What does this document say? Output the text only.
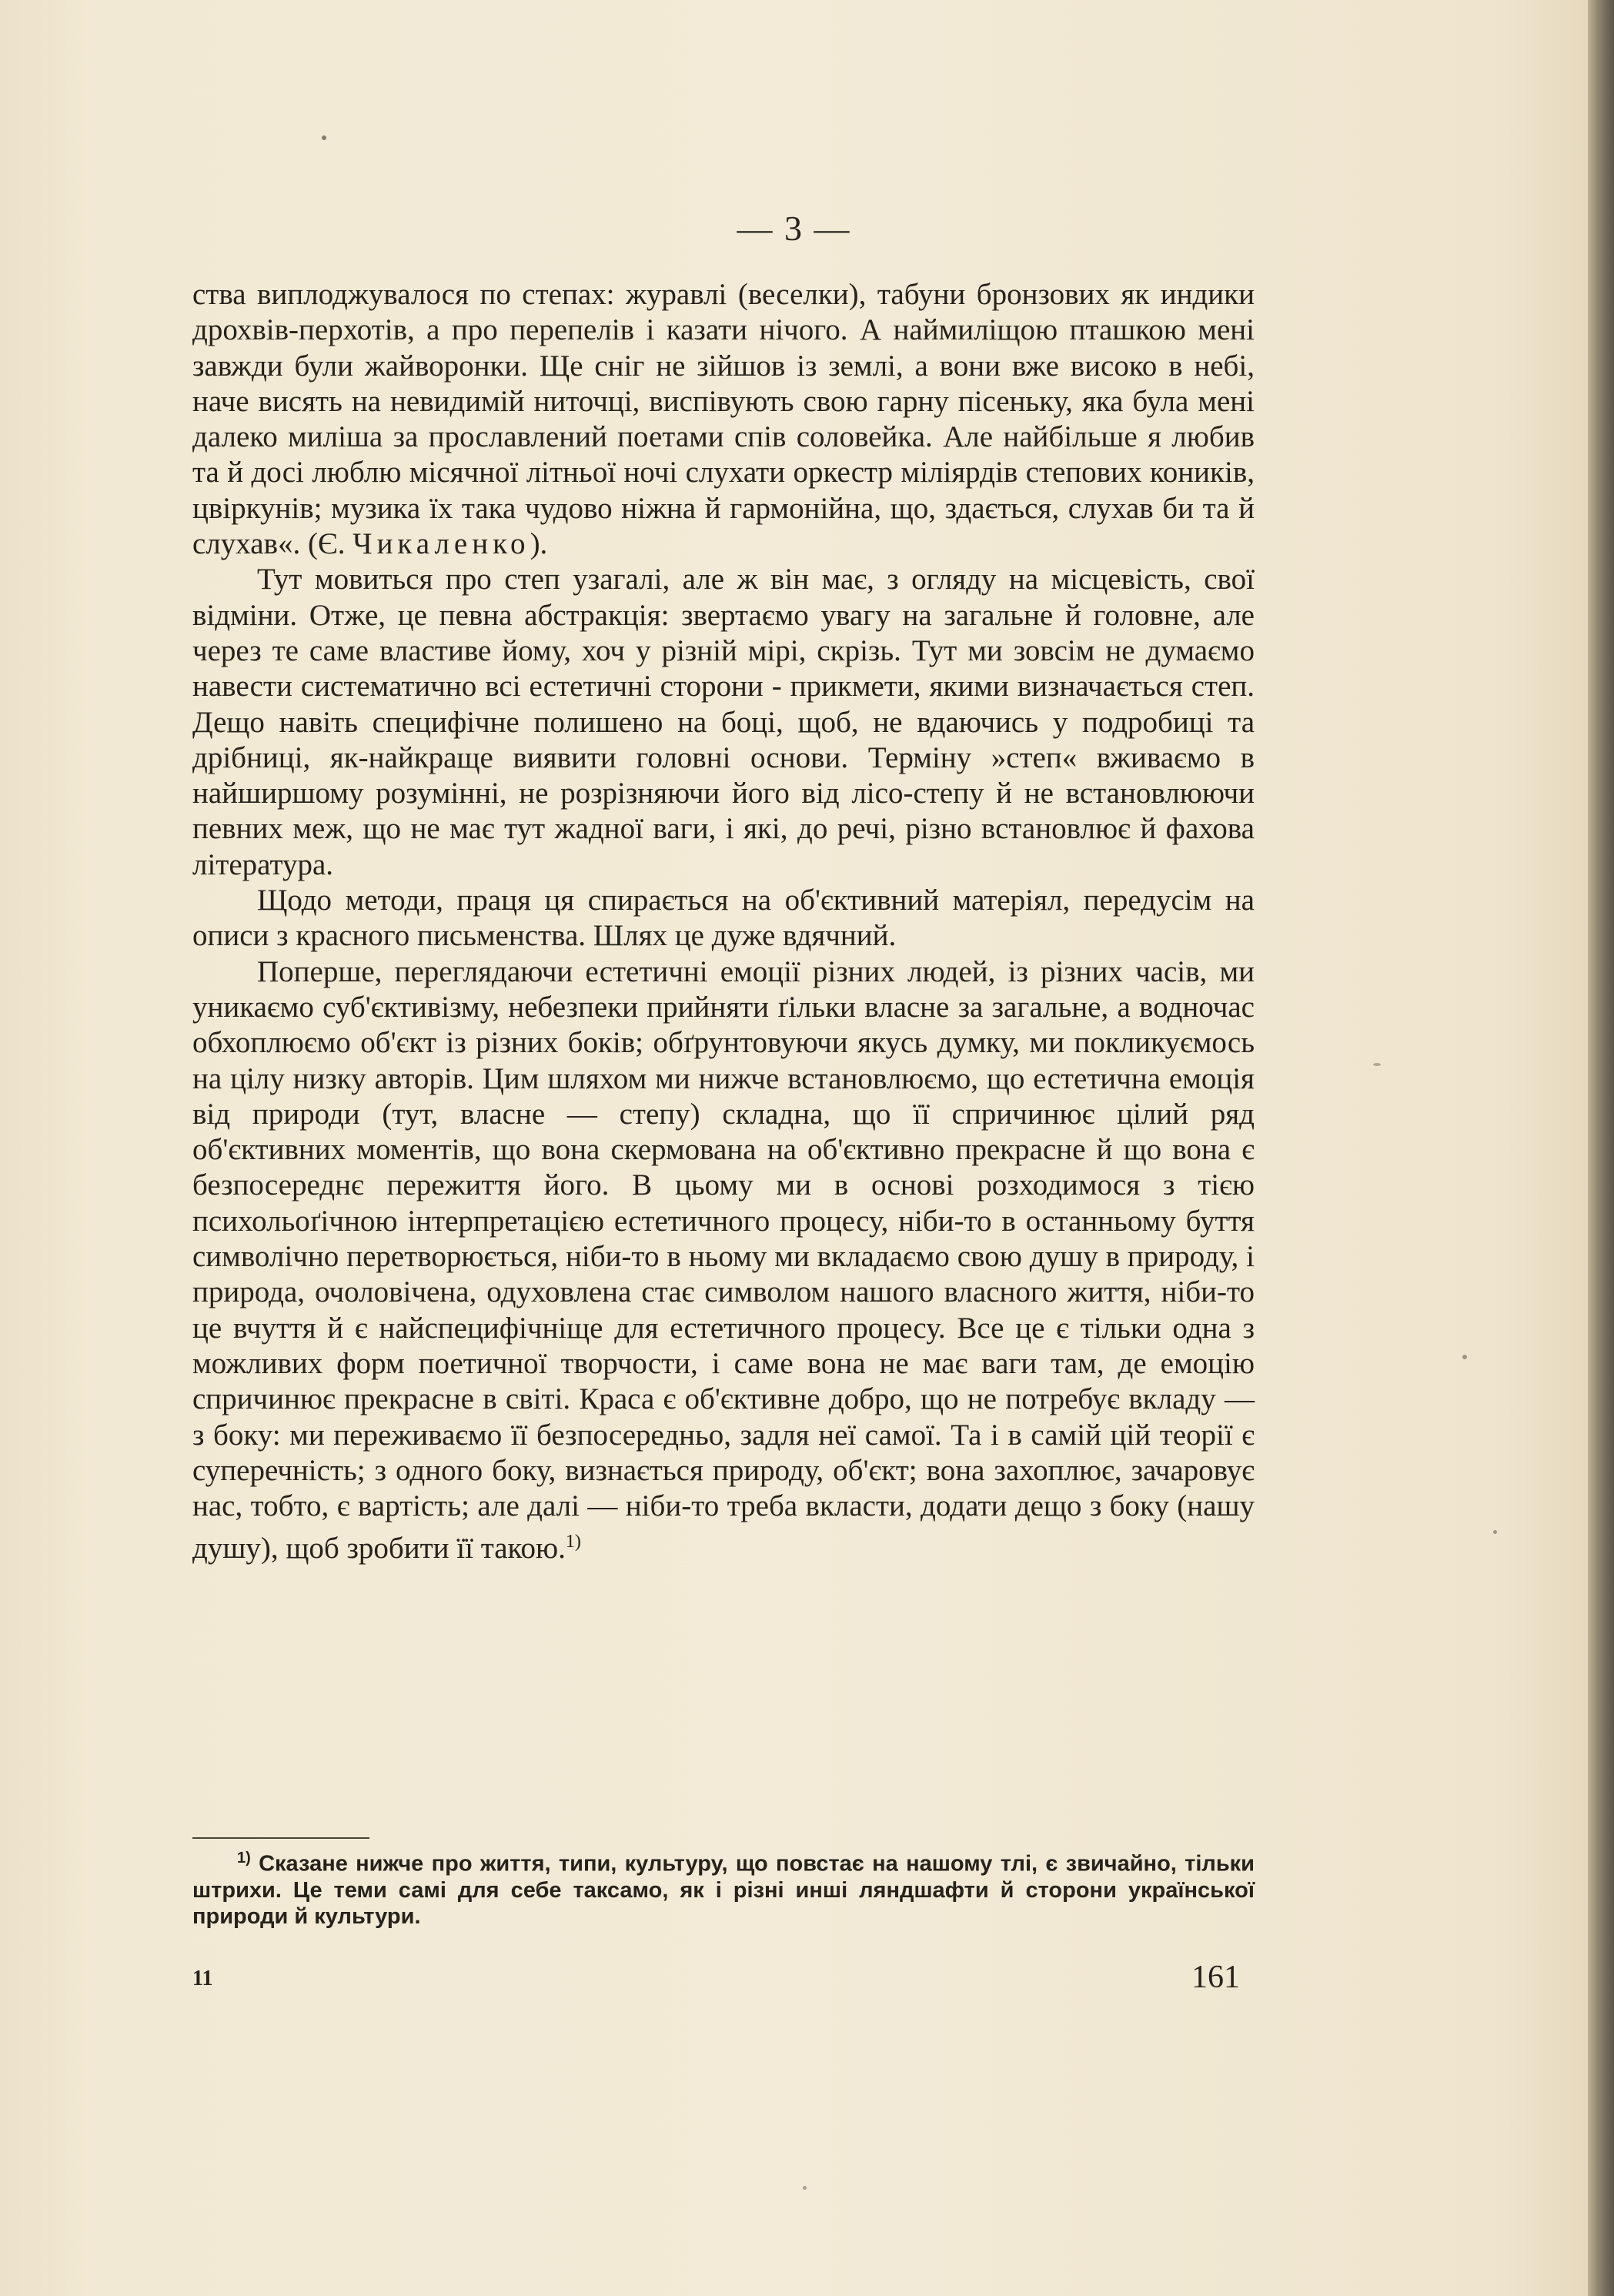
— 3 —

ства виплоджувалося по степах: журавлі (веселки), табуни бронзових як индики дрохвів-перхотів, а про перепелів і казати нічого. А наймиліщою пташкою мені завжди були жайворонки. Ще сніг не зійшов із землі, а вони вже високо в небі, наче висять на невидимій ниточці, виспівують свою гарну пісеньку, яка була мені далеко миліша за прославлений поетами спів соловейка. Але найбільше я любив та й досі люблю місячної літньої ночі слухати оркестр міліярдів степових коників, цвіркунів; музика їх така чудово ніжна й гармонійна, що, здається, слухав би та й слухав«. (Є. Чикаленко).

Тут мовиться про степ узагалі, але ж він має, з огляду на місцевість, свої відміни. Отже, це певна абстракція: звертаємо увагу на загальне й головне, але через те саме властиве йому, хоч у різній мірі, скрізь. Тут ми зовсім не думаємо навести систематично всі естетичні сторони - прикмети, якими визначається степ. Дещо навіть специфічне полишено на боці, щоб, не вдаючись у подробиці та дрібниці, як-найкраще виявити головні основи. Терміну »степ« вживаємо в найширшому розумінні, не розрізняючи його від лісо-степу й не встановлюючи певних меж, що не має тут жадної ваги, і які, до речі, різно встановлює й фахова література.

Щодо методи, праця ця спирається на об'єктивний матеріял, передусім на описи з красного письменства. Шлях це дуже вдячний.

Поперше, переглядаючи естетичні емоції різних людей, із різних часів, ми уникаємо суб'єктивізму, небезпеки прийняти ґільки власне за загальне, а водночас обхоплюємо об'єкт із різних боків; обґрунтовуючи якусь думку, ми покликуємось на цілу низку авторів. Цим шляхом ми нижче встановлюємо, що естетична емоція від природи (тут, власне — степу) складна, що її спричинює цілий ряд об'єктивних моментів, що вона скермована на об'єктивно прекрасне й що вона є безпосереднє пережиття його. В цьому ми в основі розходимося з тією психольоґічною інтерпретацією естетичного процесу, ніби-то в останньому буття символічно перетворюється, ніби-то в ньому ми вкладаємо свою душу в природу, і природа, очоловічена, одуховлена стає символом нашого власного життя, ніби-то це вчуття й є найспецифічніще для естетичного процесу. Все це є тільки одна з можливих форм поетичної творчости, і саме вона не має ваги там, де емоцію спричинює прекрасне в світі. Краса є об'єктивне добро, що не потребує вкладу — з боку: ми переживаємо її безпосередньо, задля неї самої. Та і в самій цій теорії є суперечність; з одного боку, визнається природу, об'єкт; вона захоплює, зачаровує нас, тобто, є вартість; але далі — ніби-то треба вкласти, додати дещо з боку (нашу душу), щоб зробити її такою.$^{1)}$

$^{1)}$ Сказане нижче про життя, типи, культуру, що повстає на нашому тлі, є звичайно, тільки штрихи. Це теми самі для себе таксамо, як і різні инші ляндшафти й сторони української природи й культури.

11	161
